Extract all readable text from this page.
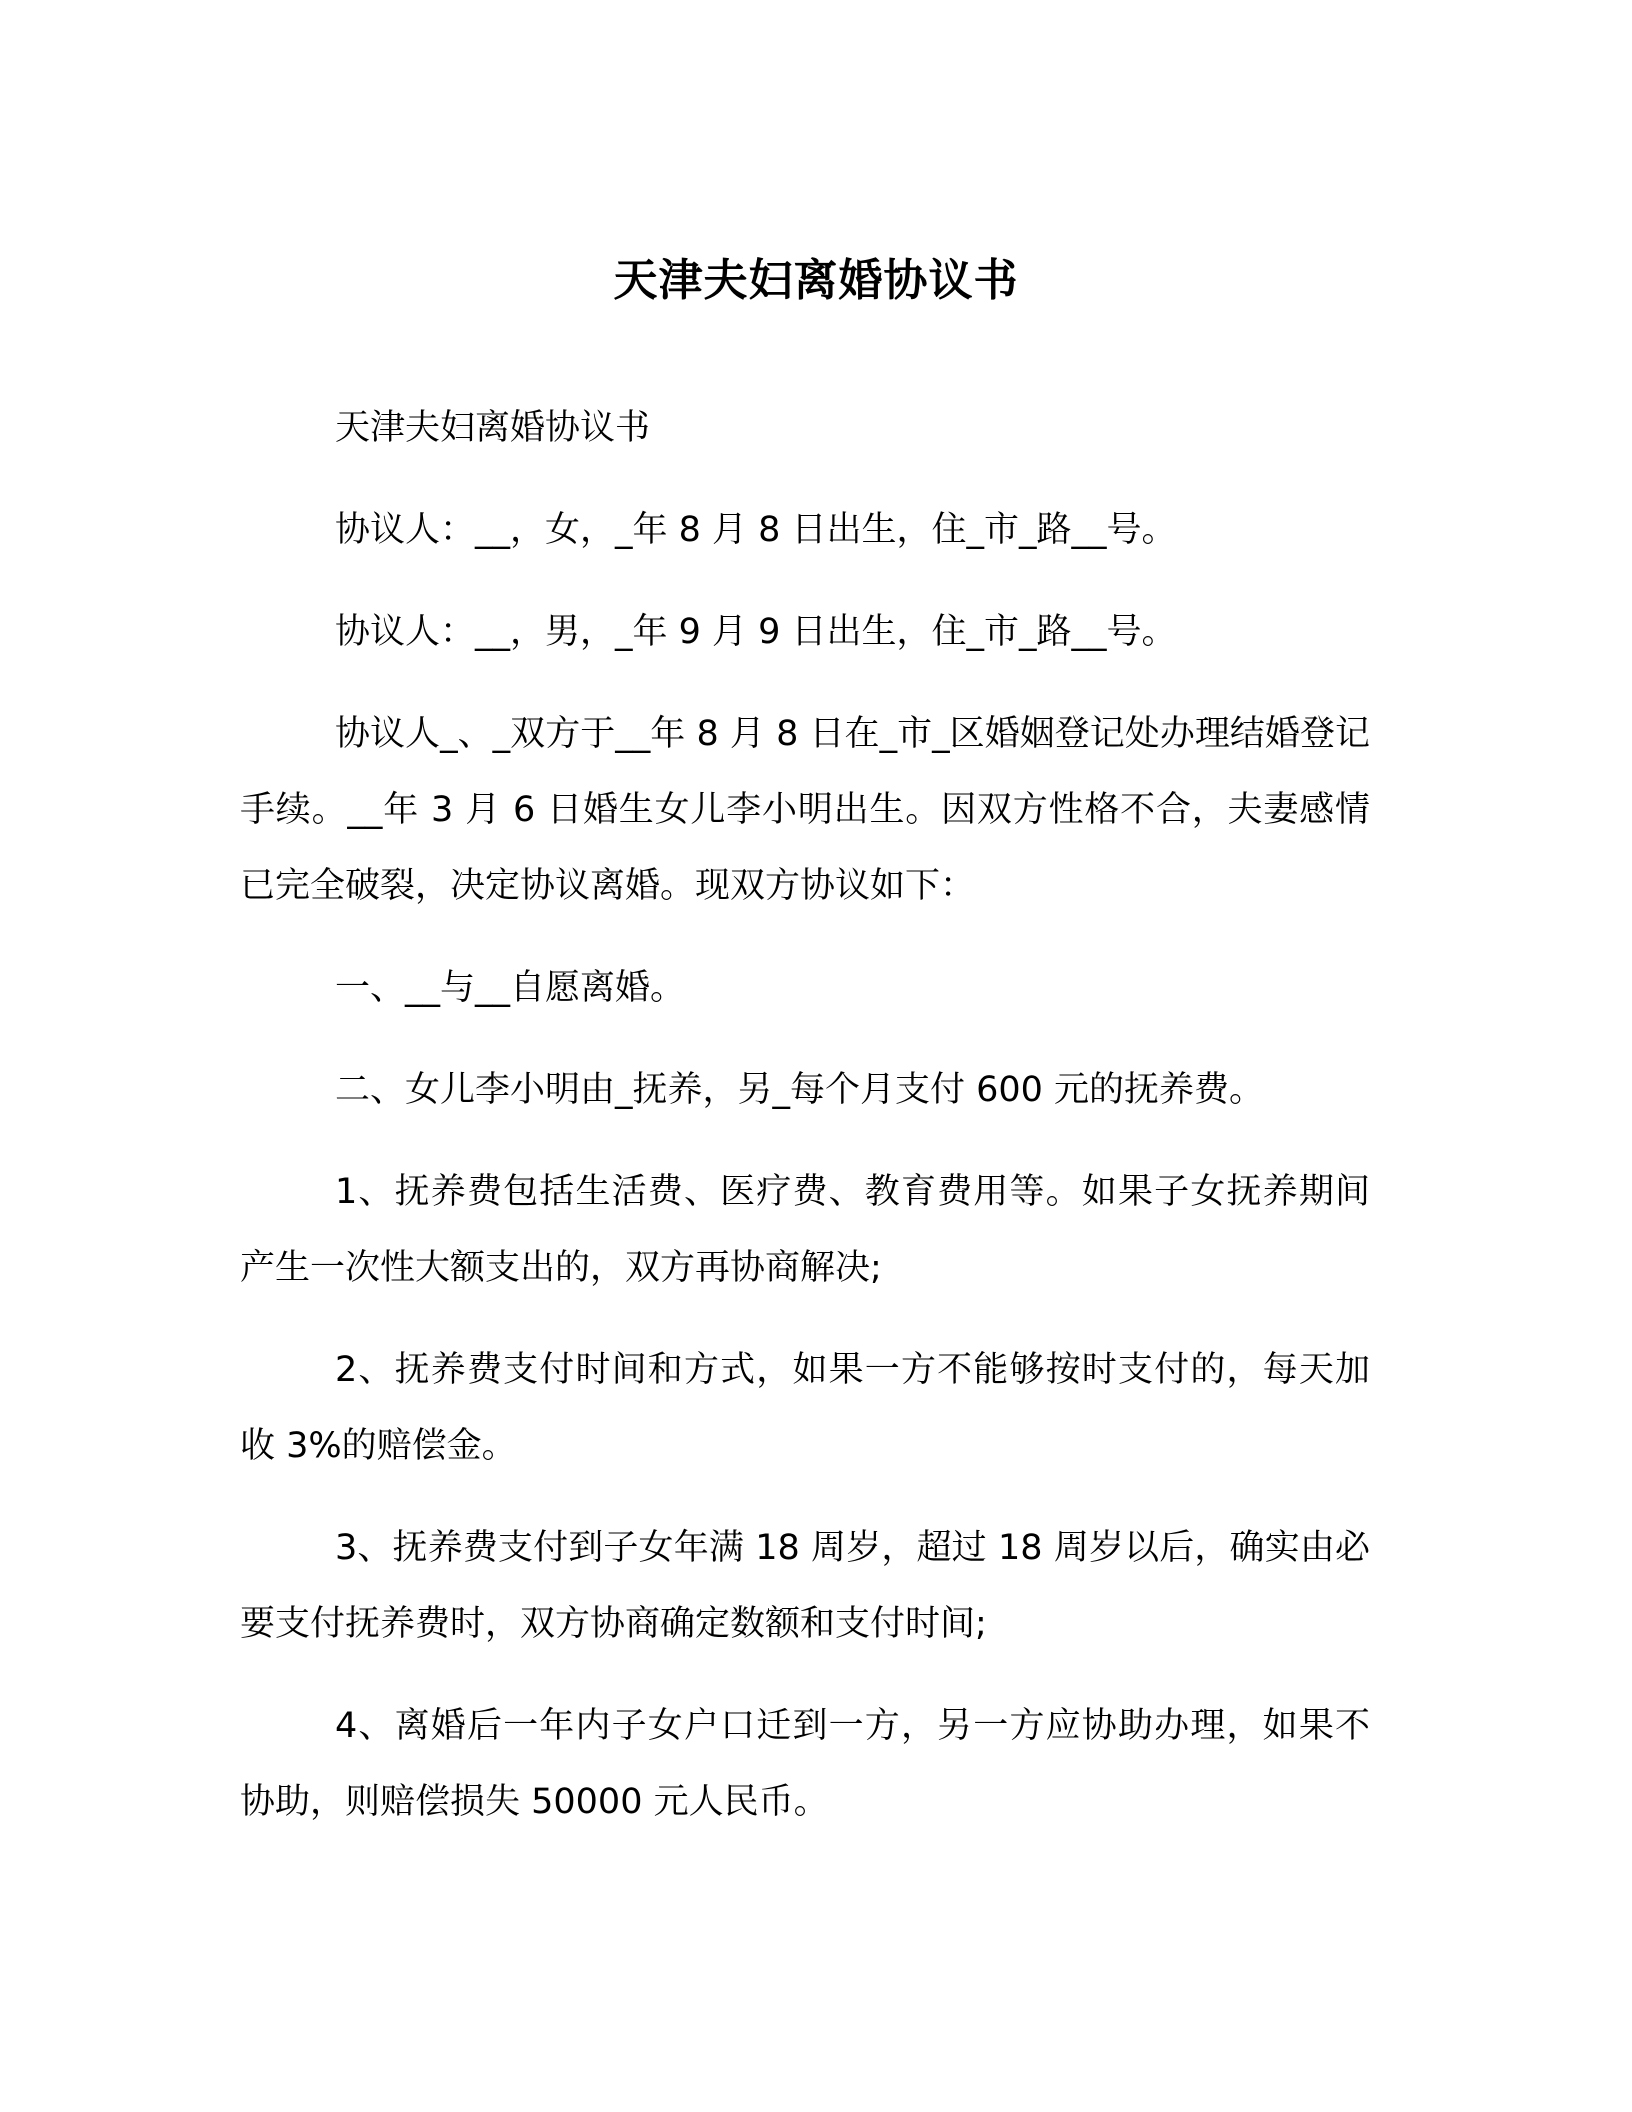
天津夫妇离婚协议书

天津夫妇离婚协议书

协议人：__，女，_年 8 月 8 日出生，住_市_路__号。

协议人：__，男，_年 9 月 9 日出生，住_市_路__号。

协议人_、_双方于__年 8 月 8 日在_市_区婚姻登记处办理结婚登记手续。__年 3 月 6 日婚生女儿李小明出生。因双方性格不合，夫妻感情已完全破裂，决定协议离婚。现双方协议如下：

一、__与__自愿离婚。

二、女儿李小明由_抚养，另_每个月支付 600 元的抚养费。

1、抚养费包括生活费、医疗费、教育费用等。如果子女抚养期间产生一次性大额支出的，双方再协商解决;

2、抚养费支付时间和方式，如果一方不能够按时支付的，每天加收 3%的赔偿金。

3、抚养费支付到子女年满 18 周岁，超过 18 周岁以后，确实由必要支付抚养费时，双方协商确定数额和支付时间;

4、离婚后一年内子女户口迁到一方，另一方应协助办理，如果不协助，则赔偿损失 50000 元人民币。
